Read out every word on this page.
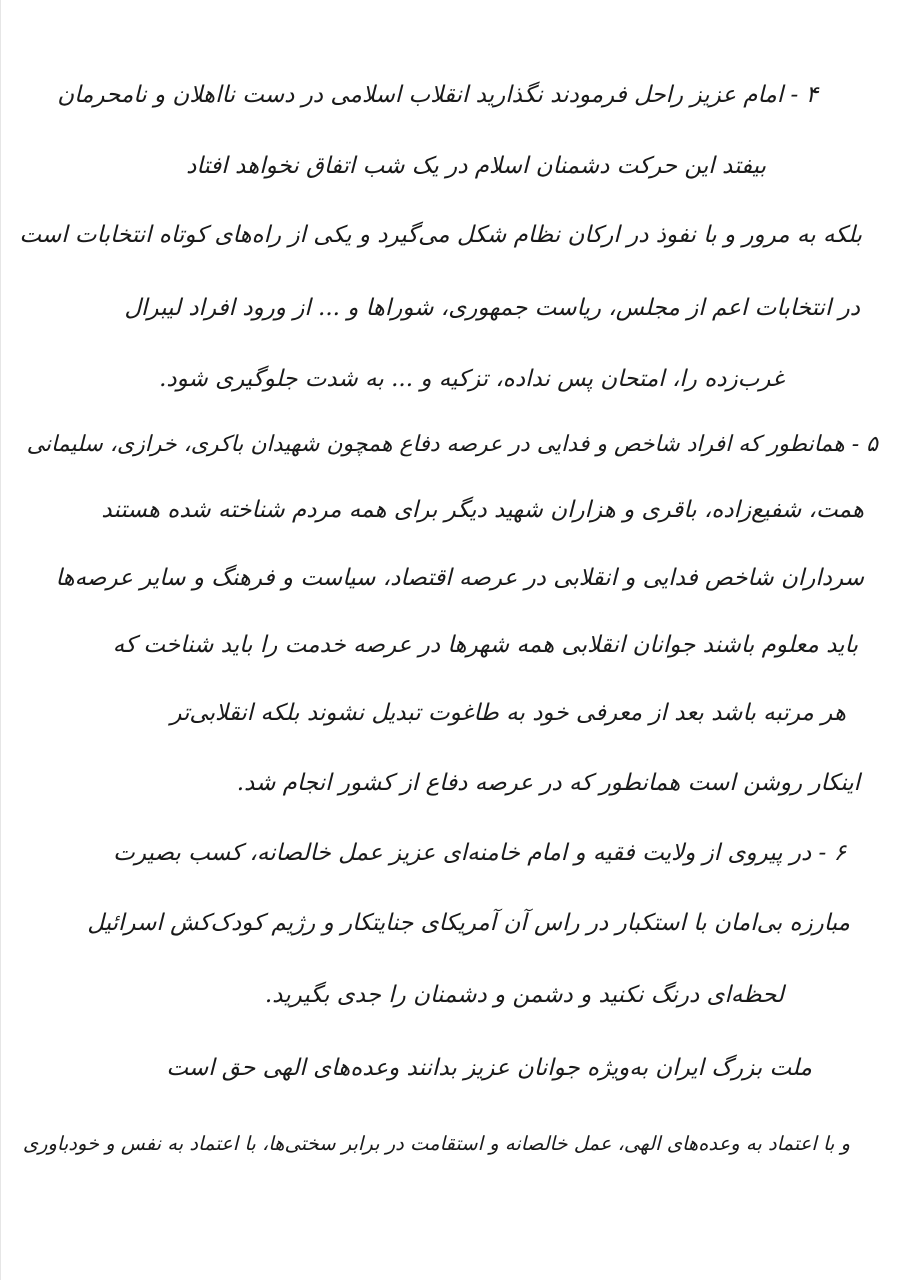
۴ - امام عزیز راحل فرمودند نگذارید انقلاب اسلامی در دست نااهلان و نامحرمان
بیفتد این حرکت دشمنان اسلام در یک شب اتفاق نخواهد افتاد
بلکه به مرور و با نفوذ در ارکان نظام شکل می‌گیرد و یکی از راه‌های کوتاه انتخابات است
در انتخابات اعم از مجلس، ریاست جمهوری، شوراها و ... از ورود افراد لیبرال
غرب‌زده را، امتحان پس نداده، تزکیه و ... به شدت جلوگیری شود.
۵ - همانطور که افراد شاخص و فدایی در عرصه دفاع همچون شهیدان باکری، خرازی، سلیمانی
همت، شفیع‌زاده، باقری و هزاران شهید دیگر برای همه مردم شناخته شده هستند
سرداران شاخص فدایی و انقلابی در عرصه اقتصاد، سیاست و فرهنگ و سایر عرصه‌ها
باید معلوم باشند جوانان انقلابی همه شهرها در عرصه خدمت را باید شناخت که
هر مرتبه باشد بعد از معرفی خود به طاغوت تبدیل نشوند بلکه انقلابی‌تر
اینکار روشن است همانطور که در عرصه دفاع از کشور انجام شد.
۶ - در پیروی از ولایت فقیه و امام خامنه‌ای عزیز عمل خالصانه، کسب بصیرت
مبارزه بی‌امان با استکبار در راس آن آمریکای جنایتکار و رژیم کودک‌کش اسرائیل
لحظه‌ای درنگ نکنید و دشمن و دشمنان را جدی بگیرید.
ملت بزرگ ایران به‌ویژه جوانان عزیز بدانند وعده‌های الهی حق است
و با اعتماد به وعده‌های الهی، عمل خالصانه و استقامت در برابر سختی‌ها، با اعتماد به نفس و خودباوری
